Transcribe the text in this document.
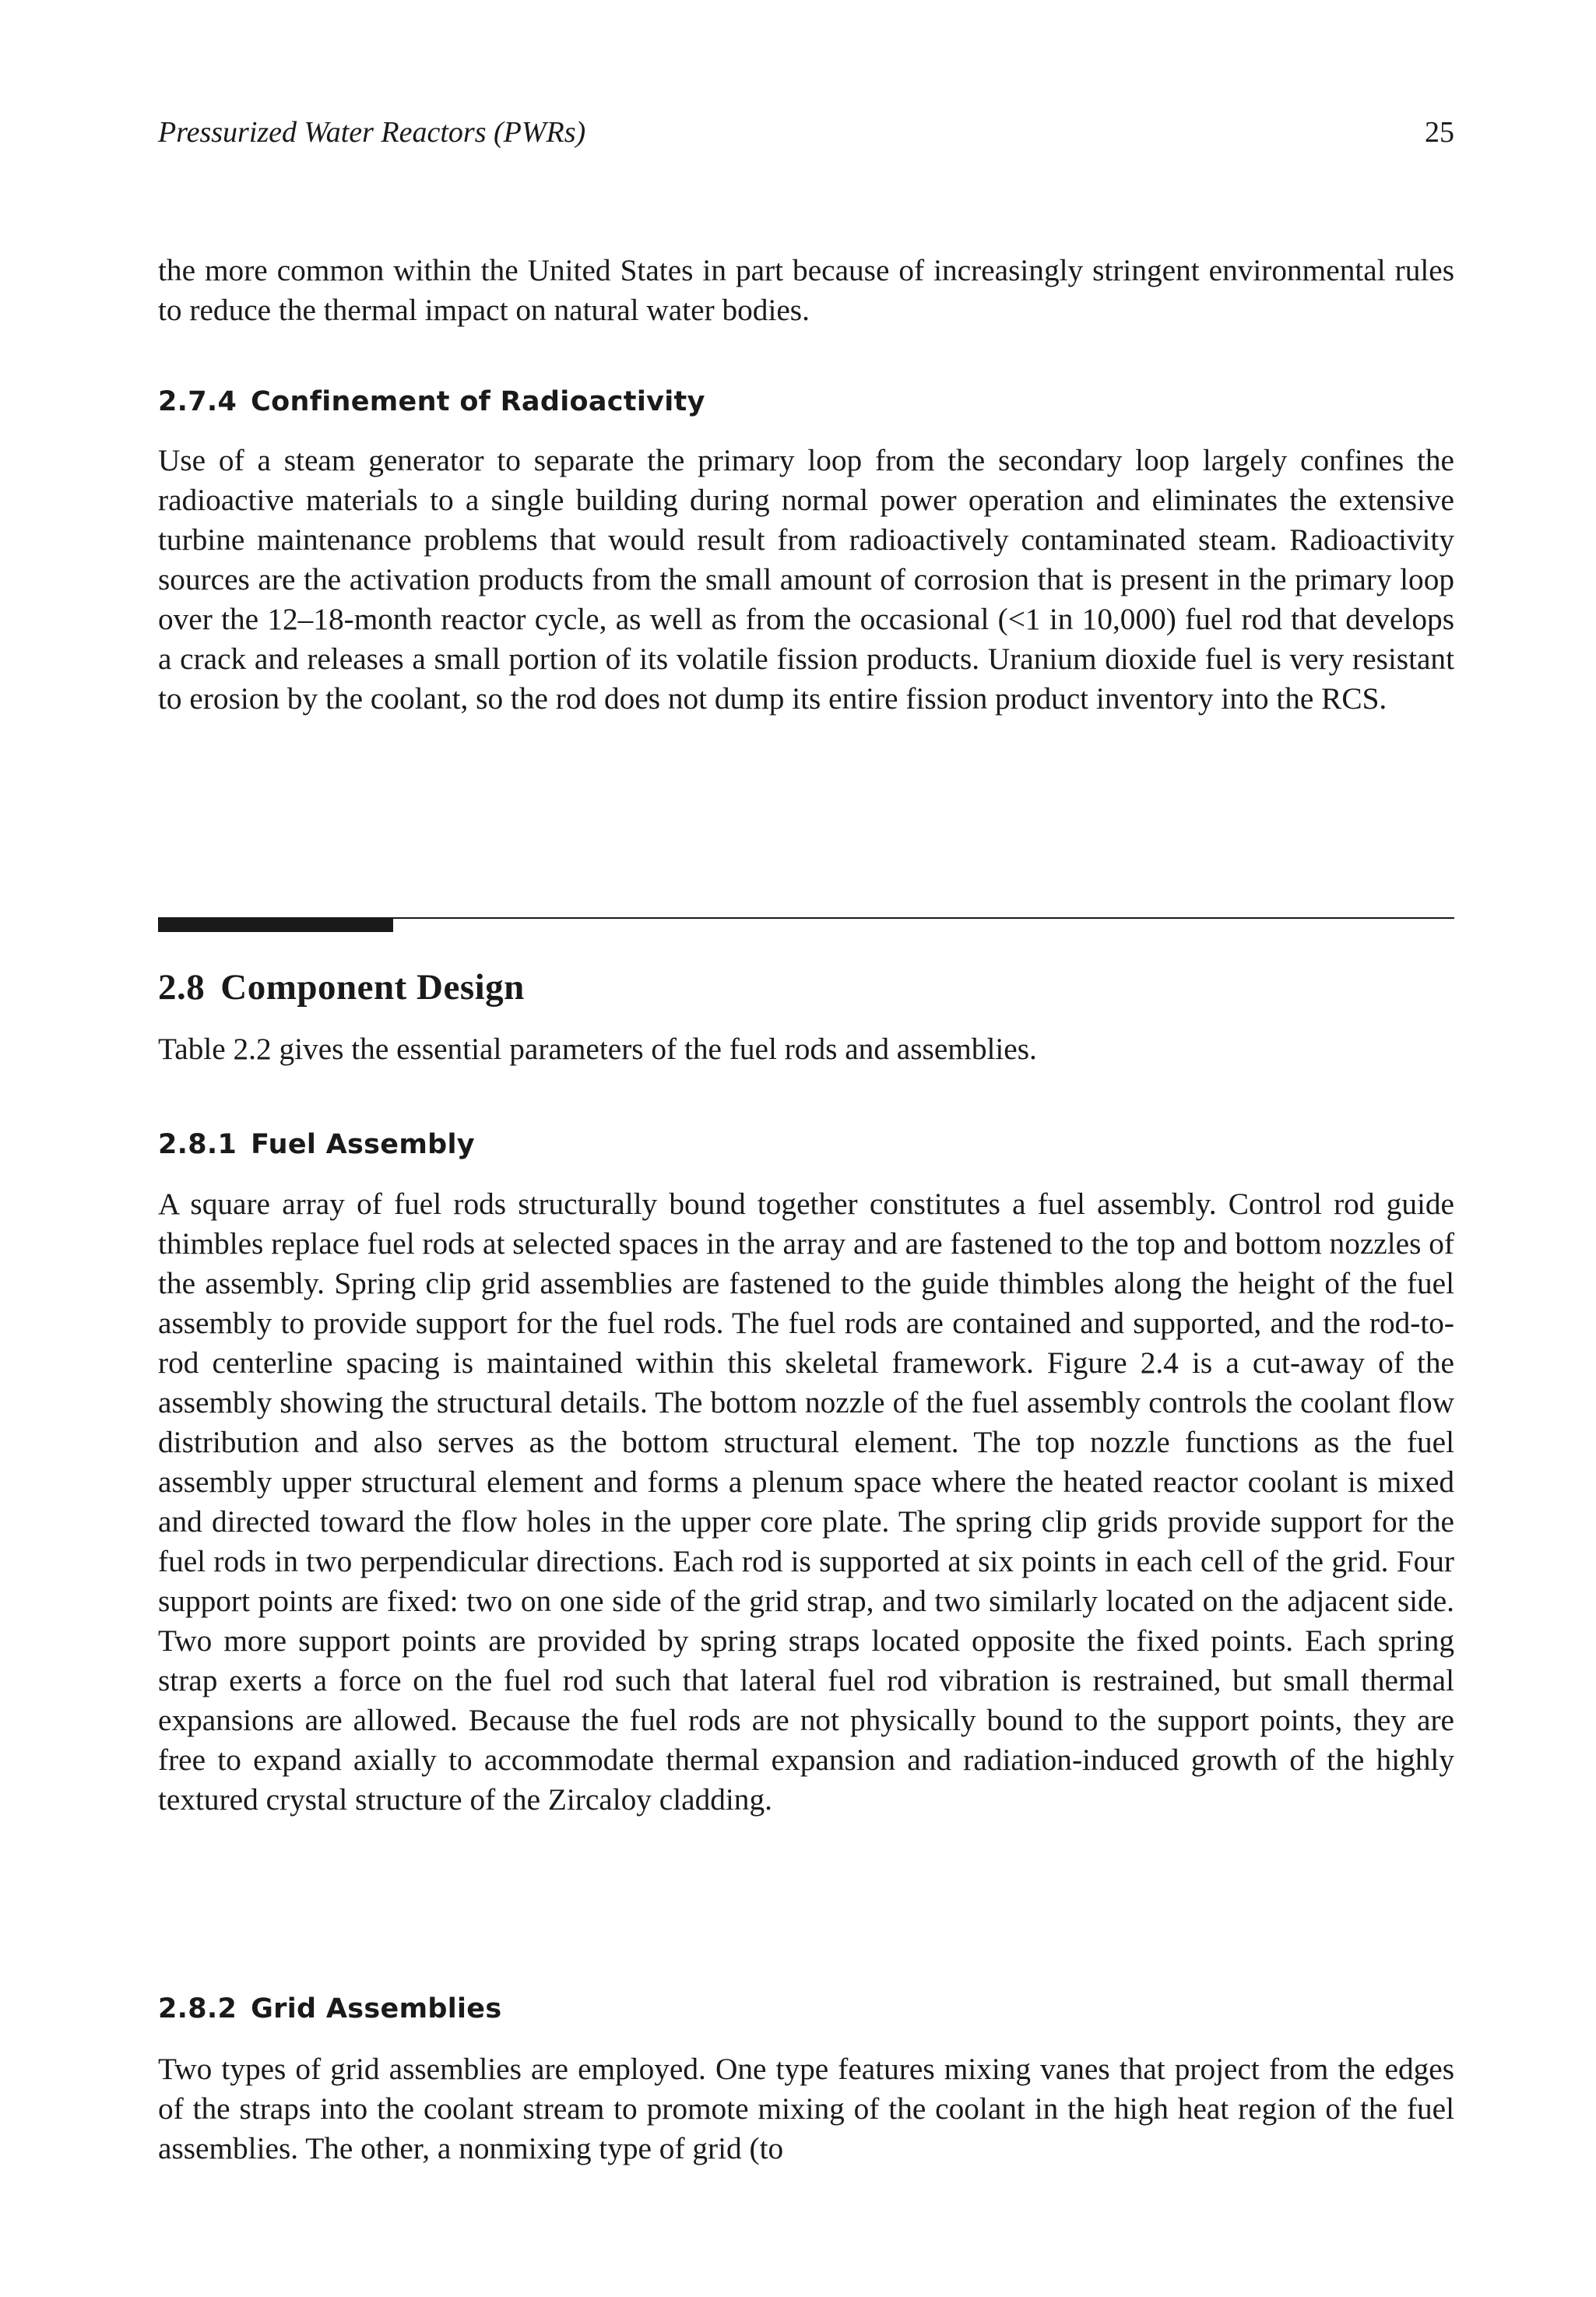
Pressurized Water Reactors (PWRs)	25

the more common within the United States in part because of increasingly stringent environmental rules to reduce the thermal impact on natural water bodies.

2.7.4 Confinement of Radioactivity

Use of a steam generator to separate the primary loop from the secondary loop largely confines the radioactive materials to a single building during normal power operation and eliminates the extensive turbine maintenance problems that would result from radioactively contaminated steam. Radioactivity sources are the activation products from the small amount of corrosion that is present in the primary loop over the 12–18-month reactor cycle, as well as from the occasional (<1 in 10,000) fuel rod that develops a crack and releases a small portion of its volatile fission products. Uranium dioxide fuel is very resistant to erosion by the coolant, so the rod does not dump its entire fission product inventory into the RCS.

2.8 Component Design

Table 2.2 gives the essential parameters of the fuel rods and assemblies.

2.8.1 Fuel Assembly

A square array of fuel rods structurally bound together constitutes a fuel assembly. Control rod guide thimbles replace fuel rods at selected spaces in the array and are fastened to the top and bottom nozzles of the assembly. Spring clip grid assemblies are fastened to the guide thimbles along the height of the fuel assembly to provide support for the fuel rods. The fuel rods are contained and supported, and the rod-to-rod centerline spacing is maintained within this skeletal framework. Figure 2.4 is a cut-away of the assembly showing the structural details. The bottom nozzle of the fuel assembly controls the coolant flow distribution and also serves as the bottom structural element. The top nozzle functions as the fuel assembly upper structural element and forms a plenum space where the heated reactor coolant is mixed and directed toward the flow holes in the upper core plate. The spring clip grids provide support for the fuel rods in two perpendicular directions. Each rod is supported at six points in each cell of the grid. Four support points are fixed: two on one side of the grid strap, and two similarly located on the adjacent side. Two more support points are provided by spring straps located opposite the fixed points. Each spring strap exerts a force on the fuel rod such that lateral fuel rod vibration is restrained, but small thermal expansions are allowed. Because the fuel rods are not physically bound to the support points, they are free to expand axially to accommodate thermal expansion and radiation-induced growth of the highly textured crystal structure of the Zircaloy cladding.

2.8.2 Grid Assemblies

Two types of grid assemblies are employed. One type features mixing vanes that project from the edges of the straps into the coolant stream to promote mixing of the coolant in the high heat region of the fuel assemblies. The other, a nonmixing type of grid (to
